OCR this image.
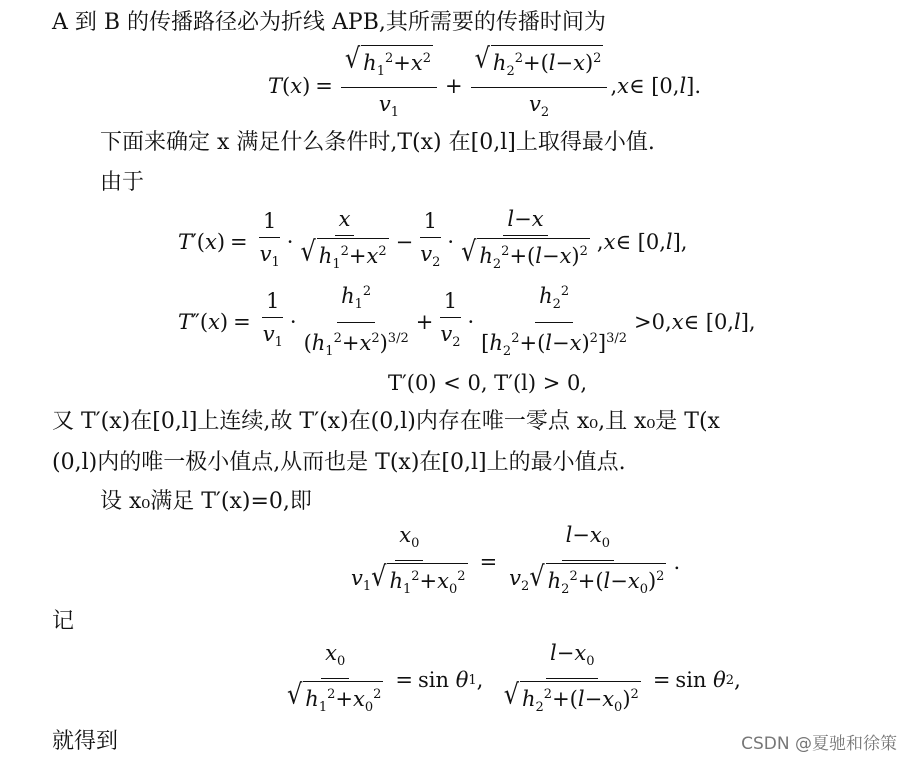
A 到 B 的传播路径必为折线 APB,其所需要的传播时间为
T ( x ) = $\frac{√ h_1^2+x^2}{v_1} + \frac{√ h_2^2+(l-x)^2}{v_2}$ , x ∈ [0, l ].
下面来确定 x 满足什么条件时,T(x) 在[0,l]上取得最小值.
由于
T ′( x ) = $\frac{1}{v_1} \cdot \frac{x}{√ h_1^2+x^2} - \frac{1}{v_2} \cdot \frac{l-x}{√ h_2^2+(l-x)^2}$ , x ∈ [0, l ],
T ″( x ) = $\frac{1}{v_1} \cdot \frac{h_1^2}{(h_1^2+x^2)^{3/2}} + \frac{1}{v_2} \cdot \frac{h_2^2}{[h_2^2+(l-x)^2]^{3/2}} >0$, x ∈ [0, l ],
T′(0) < 0, T′(l) > 0,
又 T′(x)在[0,l]上连续,故 T′(x)在(0,l)内存在唯一零点 x₀,且 x₀是 T(x
(0,l)内的唯一极小值点,从而也是 T(x)在[0,l]上的最小值点.
设 x₀满足 T′(x)=0,即
$\frac{x_0}{v_1 √ h_1^2+x_0^2} = \frac{l-x_0}{v_2 √ h_2^2+(l-x_0)^2}$ .
记
$\frac{x_0}{√ h_1^2+x_0^2} = \sin \theta$ 1 , $\frac{l-x_0}{√ h_2^2+(l-x_0)^2} = \sin \theta$ 2 ,
就得到	CSDN @夏驰和徐策
